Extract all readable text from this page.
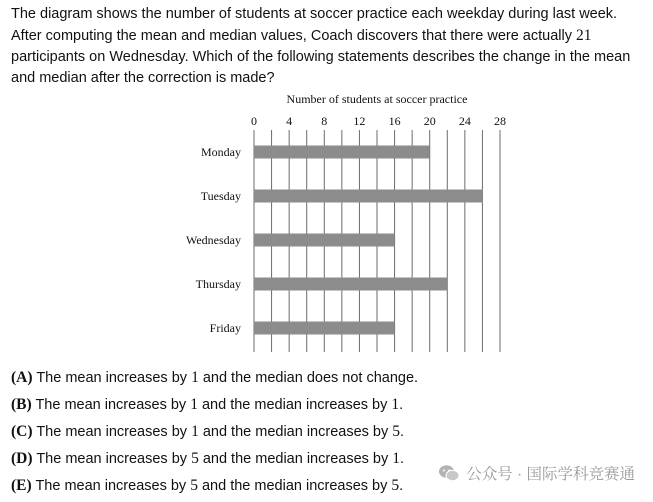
The diagram shows the number of students at soccer practice each weekday during last week. After computing the mean and median values, Coach discovers that there were actually 21 participants on Wednesday. Which of the following statements describes the change in the mean and median after the correction is made?

Number of students at soccer practice
0 4 8 12 16 20 24 28
Monday
Tuesday
Wednesday
Thursday
Friday
(A) The mean increases by 1 and the median does not change.
(B) The mean increases by 1 and the median increases by 1.
(C) The mean increases by 1 and the median increases by 5.
(D) The mean increases by 5 and the median increases by 1.
(E) The mean increases by 5 and the median increases by 5.
公众号 · 国际学科竞赛通
